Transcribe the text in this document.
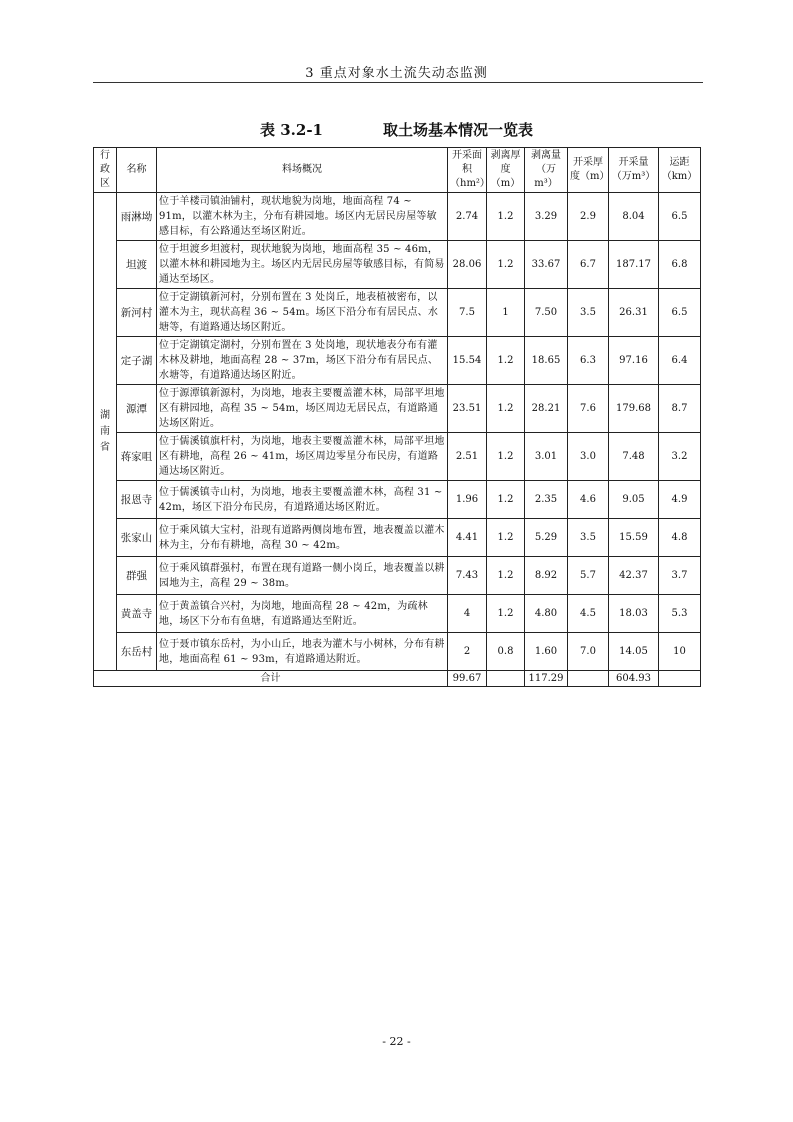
3 重点对象水土流失动态监测
表 3.2-1	取土场基本情况一览表
行政区	名称	料场概况	开采面积（hm²）	剥离厚度（m）	剥离量（万m³）	开采厚度（m）	开采量（万m³）	运距（km）
湖南省	雨淋坳	位于羊楼司镇油铺村，现状地貌为岗地，地面高程 74 ~ 91m，以灌木林为主，分布有耕园地。场区内无居民房屋等敏感目标，有公路通达至场区附近。	2.74	1.2	3.29	2.9	8.04	6.5
	坦渡	位于坦渡乡坦渡村，现状地貌为岗地，地面高程 35 ~ 46m，以灌木林和耕园地为主。场区内无居民房屋等敏感目标，有简易通达至场区。	28.06	1.2	33.67	6.7	187.17	6.8
	新河村	位于定湖镇新河村，分别布置在 3 处岗丘，地表植被密布，以灌木为主，现状高程 36 ~ 54m。场区下沿分布有居民点、水塘等，有道路通达场区附近。	7.5	1	7.50	3.5	26.31	6.5
	定子湖	位于定湖镇定湖村，分别布置在 3 处岗地，现状地表分布有灌木林及耕地，地面高程 28 ~ 37m，场区下沿分布有居民点、水塘等，有道路通达场区附近。	15.54	1.2	18.65	6.3	97.16	6.4
	源潭	位于源潭镇新源村，为岗地，地表主要覆盖灌木林，局部平坦地区有耕园地，高程 35 ~ 54m，场区周边无居民点，有道路通达场区附近。	23.51	1.2	28.21	7.6	179.68	8.7
	蒋家咀	位于儒溪镇旗杆村，为岗地，地表主要覆盖灌木林，局部平坦地区有耕地，高程 26 ~ 41m，场区周边零星分布民房，有道路通达场区附近。	2.51	1.2	3.01	3.0	7.48	3.2
	报恩寺	位于儒溪镇寺山村，为岗地，地表主要覆盖灌木林，高程 31 ~ 42m，场区下沿分布民房，有道路通达场区附近。	1.96	1.2	2.35	4.6	9.05	4.9
	张家山	位于乘风镇大宝村，沿现有道路两侧岗地布置，地表覆盖以灌木林为主，分布有耕地，高程 30 ~ 42m。	4.41	1.2	5.29	3.5	15.59	4.8
	群强	位于乘风镇群强村，布置在现有道路一侧小岗丘，地表覆盖以耕园地为主，高程 29 ~ 38m。	7.43	1.2	8.92	5.7	42.37	3.7
	黄盖寺	位于黄盖镇合兴村，为岗地，地面高程 28 ~ 42m，为疏林地，场区下分布有鱼塘，有道路通达至附近。	4	1.2	4.80	4.5	18.03	5.3
	东岳村	位于聂市镇东岳村，为小山丘，地表为灌木与小树林，分布有耕地，地面高程 61 ~ 93m，有道路通达附近。	2	0.8	1.60	7.0	14.05	10
合计			99.67		117.29		604.93	
- 22 -
